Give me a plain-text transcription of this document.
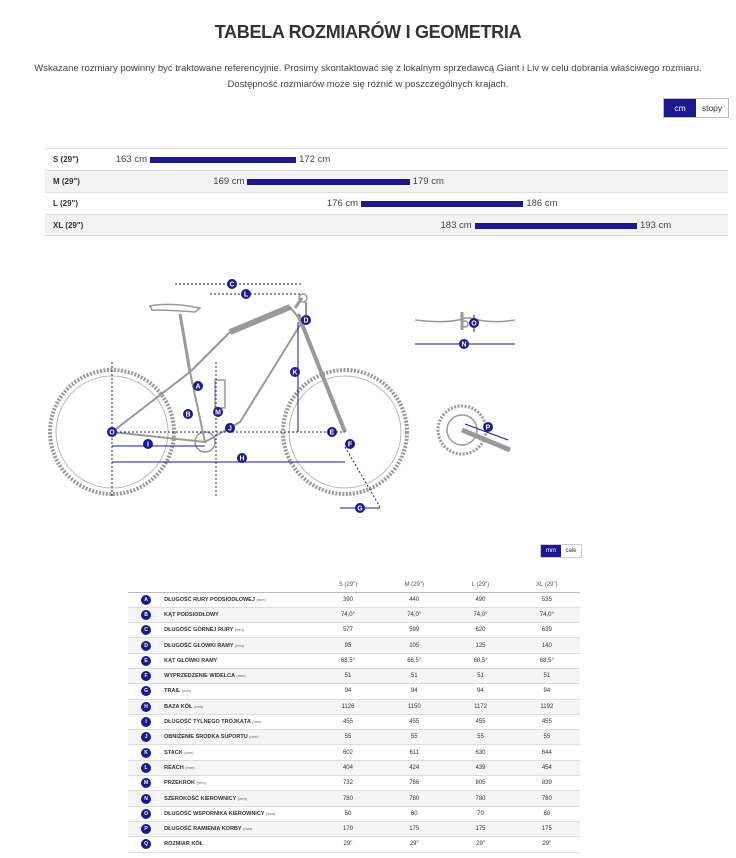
TABELA ROZMIARÓW I GEOMETRIA
Wskazane rozmiary powinny być traktowane referencyjnie. Prosimy skontaktować się z lokalnym sprzedawcą Giant i Liv w celu dobrania właściwego rozmiaru.
Dostępność rozmiarów może się różnić w poszczególnych krajach.
cm	stopy
S (29")	163 cm	172 cm
M (29")	169 cm	179 cm
L (29")	176 cm	186 cm
XL (29")	183 cm	193 cm
C
L
D
K
A
B	M
J
O
I
H
E
F
G
O
N
P
mm	cale
		S (29")	M (29")	L (29")	XL (29")
A	DŁUGOŚĆ RURY PODSIODŁOWEJ (mm)	390	440	490	535
B	KĄT PODSIODŁOWY	74,0°	74,0°	74,0°	74,0°
C	DŁUGOŚĆ GÓRNEJ RURY (mm)	577	599	620	639
D	DŁUGOŚĆ GŁÓWKI RAMY (mm)	95	105	125	140
E	KĄT GŁÓWKI RAMY	68,5°	68,5°	68,5°	68,5°
F	WYPRZEDZENIE WIDELCA (mm)	51	51	51	51
G	TRAIL (mm)	94	94	94	94
H	BAZA KÓŁ (mm)	1126	1150	1172	1192
I	DŁUGOŚĆ TYLNEGO TRÓJKĄTA (mm)	455	455	455	455
J	OBNIŻENIE ŚRODKA SUPORTU (mm)	55	55	55	55
K	STACK (mm)	602	611	630	644
L	REACH (mm)	404	424	439	454
M	PRZEKROK (mm)	732	766	805	839
N	SZEROKOŚĆ KIEROWNICY (mm)	780	780	780	780
O	DŁUGOŚĆ WSPORNIKA KIEROWNICY (mm)	50	60	70	80
P	DŁUGOŚĆ RAMIENIA KORBY (mm)	170	175	175	175
Q	ROZMIAR KÓŁ	29"	29"	29"	29"
